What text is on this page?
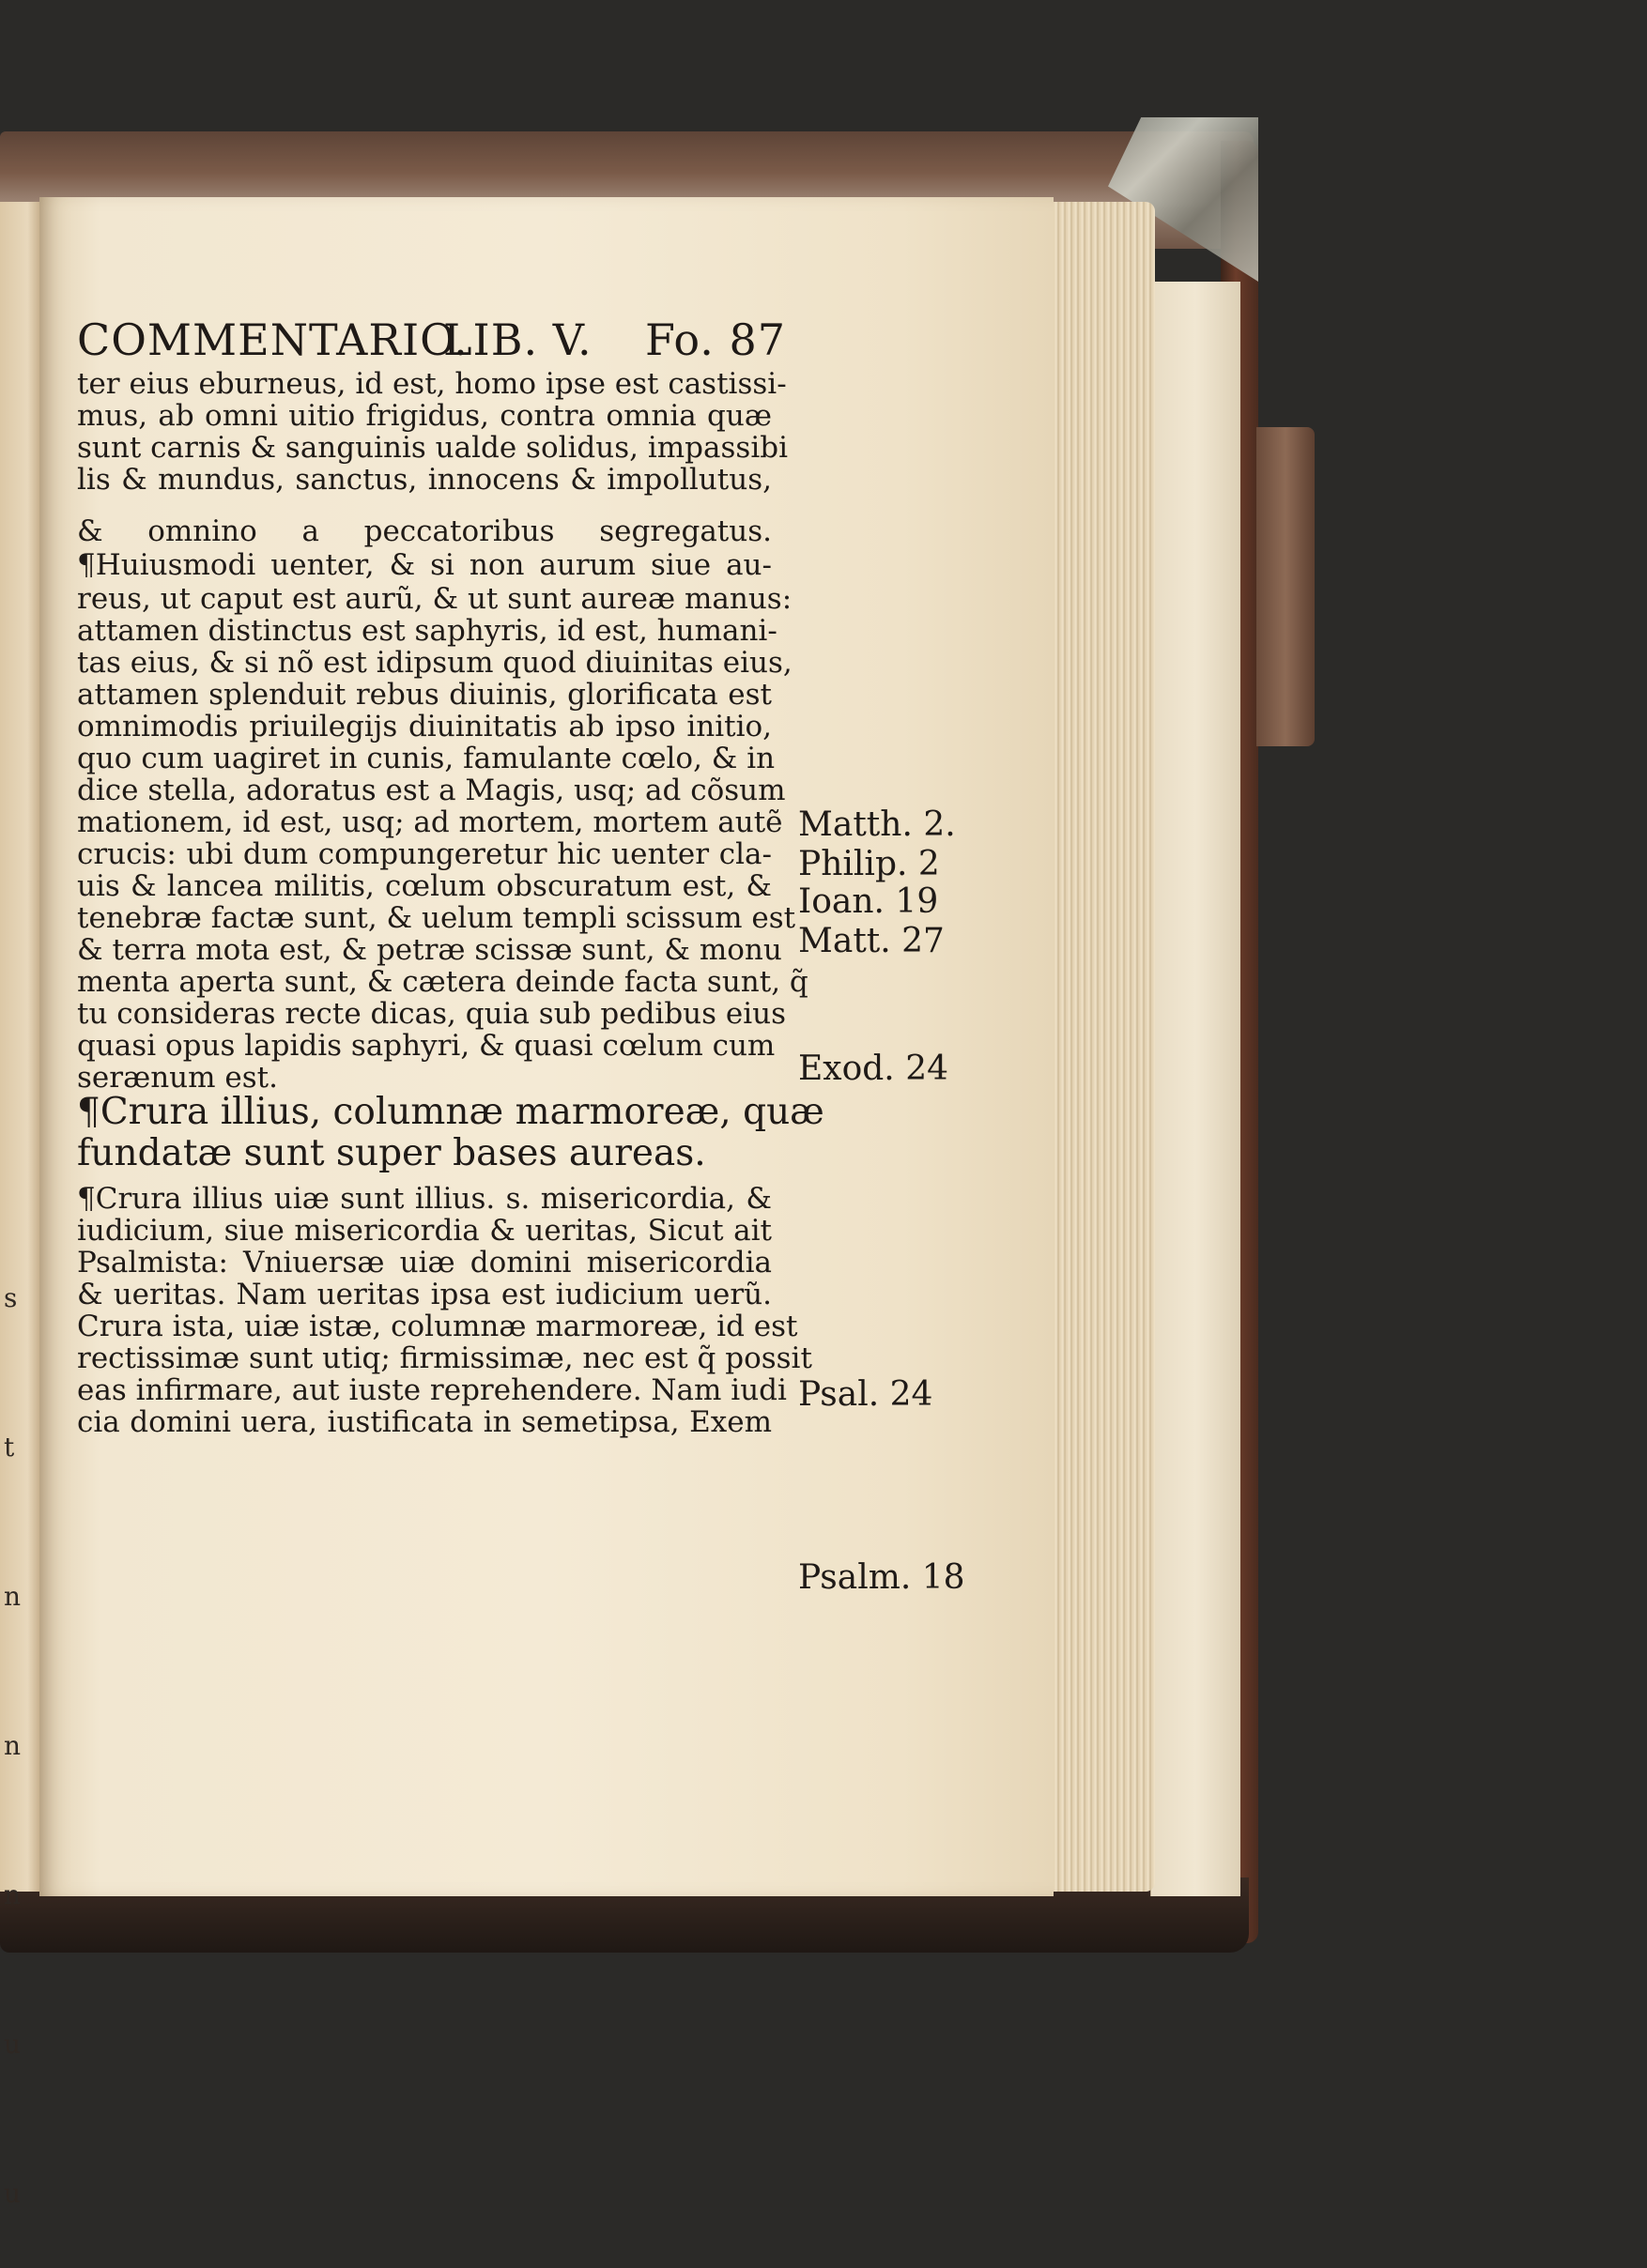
s

t

n

n

n

u

u

COMMENTARIO.
LIB. V. Fo. 87
ter eius eburneus, id est, homo ipse est castissi-
mus, ab omni uitio frigidus, contra omnia quæ
sunt carnis & sanguinis ualde solidus, impassibi
lis & mundus, sanctus, innocens & impollutus,
& omnino a peccatoribus segregatus.
¶Huiusmodi uenter, & si non aurum siue au-
reus, ut caput est aurũ, & ut sunt aureæ manus:
attamen distinctus est saphyris, id est, humani-
tas eius, & si nõ est idipsum quod diuinitas eius,
attamen splenduit rebus diuinis, glorificata est
omnimodis priuilegijs diuinitatis ab ipso initio,
quo cum uagiret in cunis, famulante cœlo, & in
dice stella, adoratus est a Magis, usq; ad cõsum
mationem, id est, usq; ad mortem, mortem autẽ
crucis: ubi dum compungeretur hic uenter cla-
uis & lancea militis, cœlum obscuratum est, &
tenebræ factæ sunt, & uelum templi scissum est
& terra mota est, & petræ scissæ sunt, & monu
menta aperta sunt, & cætera deinde facta sunt, q̃
tu consideras recte dicas, quia sub pedibus eius
quasi opus lapidis saphyri, & quasi cœlum cum
serænum est.
¶Crura illius, columnæ marmoreæ, quæ
fundatæ sunt super bases aureas.
¶Crura illius uiæ sunt illius. s. misericordia, &
iudicium, siue misericordia & ueritas, Sicut ait
Psalmista: Vniuersæ uiæ domini misericordia
& ueritas. Nam ueritas ipsa est iudicium uerũ.
Crura ista, uiæ istæ, columnæ marmoreæ, id est
rectissimæ sunt utiq; firmissimæ, nec est q̃ possit
eas infirmare, aut iuste reprehendere. Nam iudi
cia domini uera, iustificata in semetipsa, Exem
Matth. 2.
Philip. 2
Ioan. 19
Matt. 27
Exod. 24
Psal. 24
Psalm. 18
